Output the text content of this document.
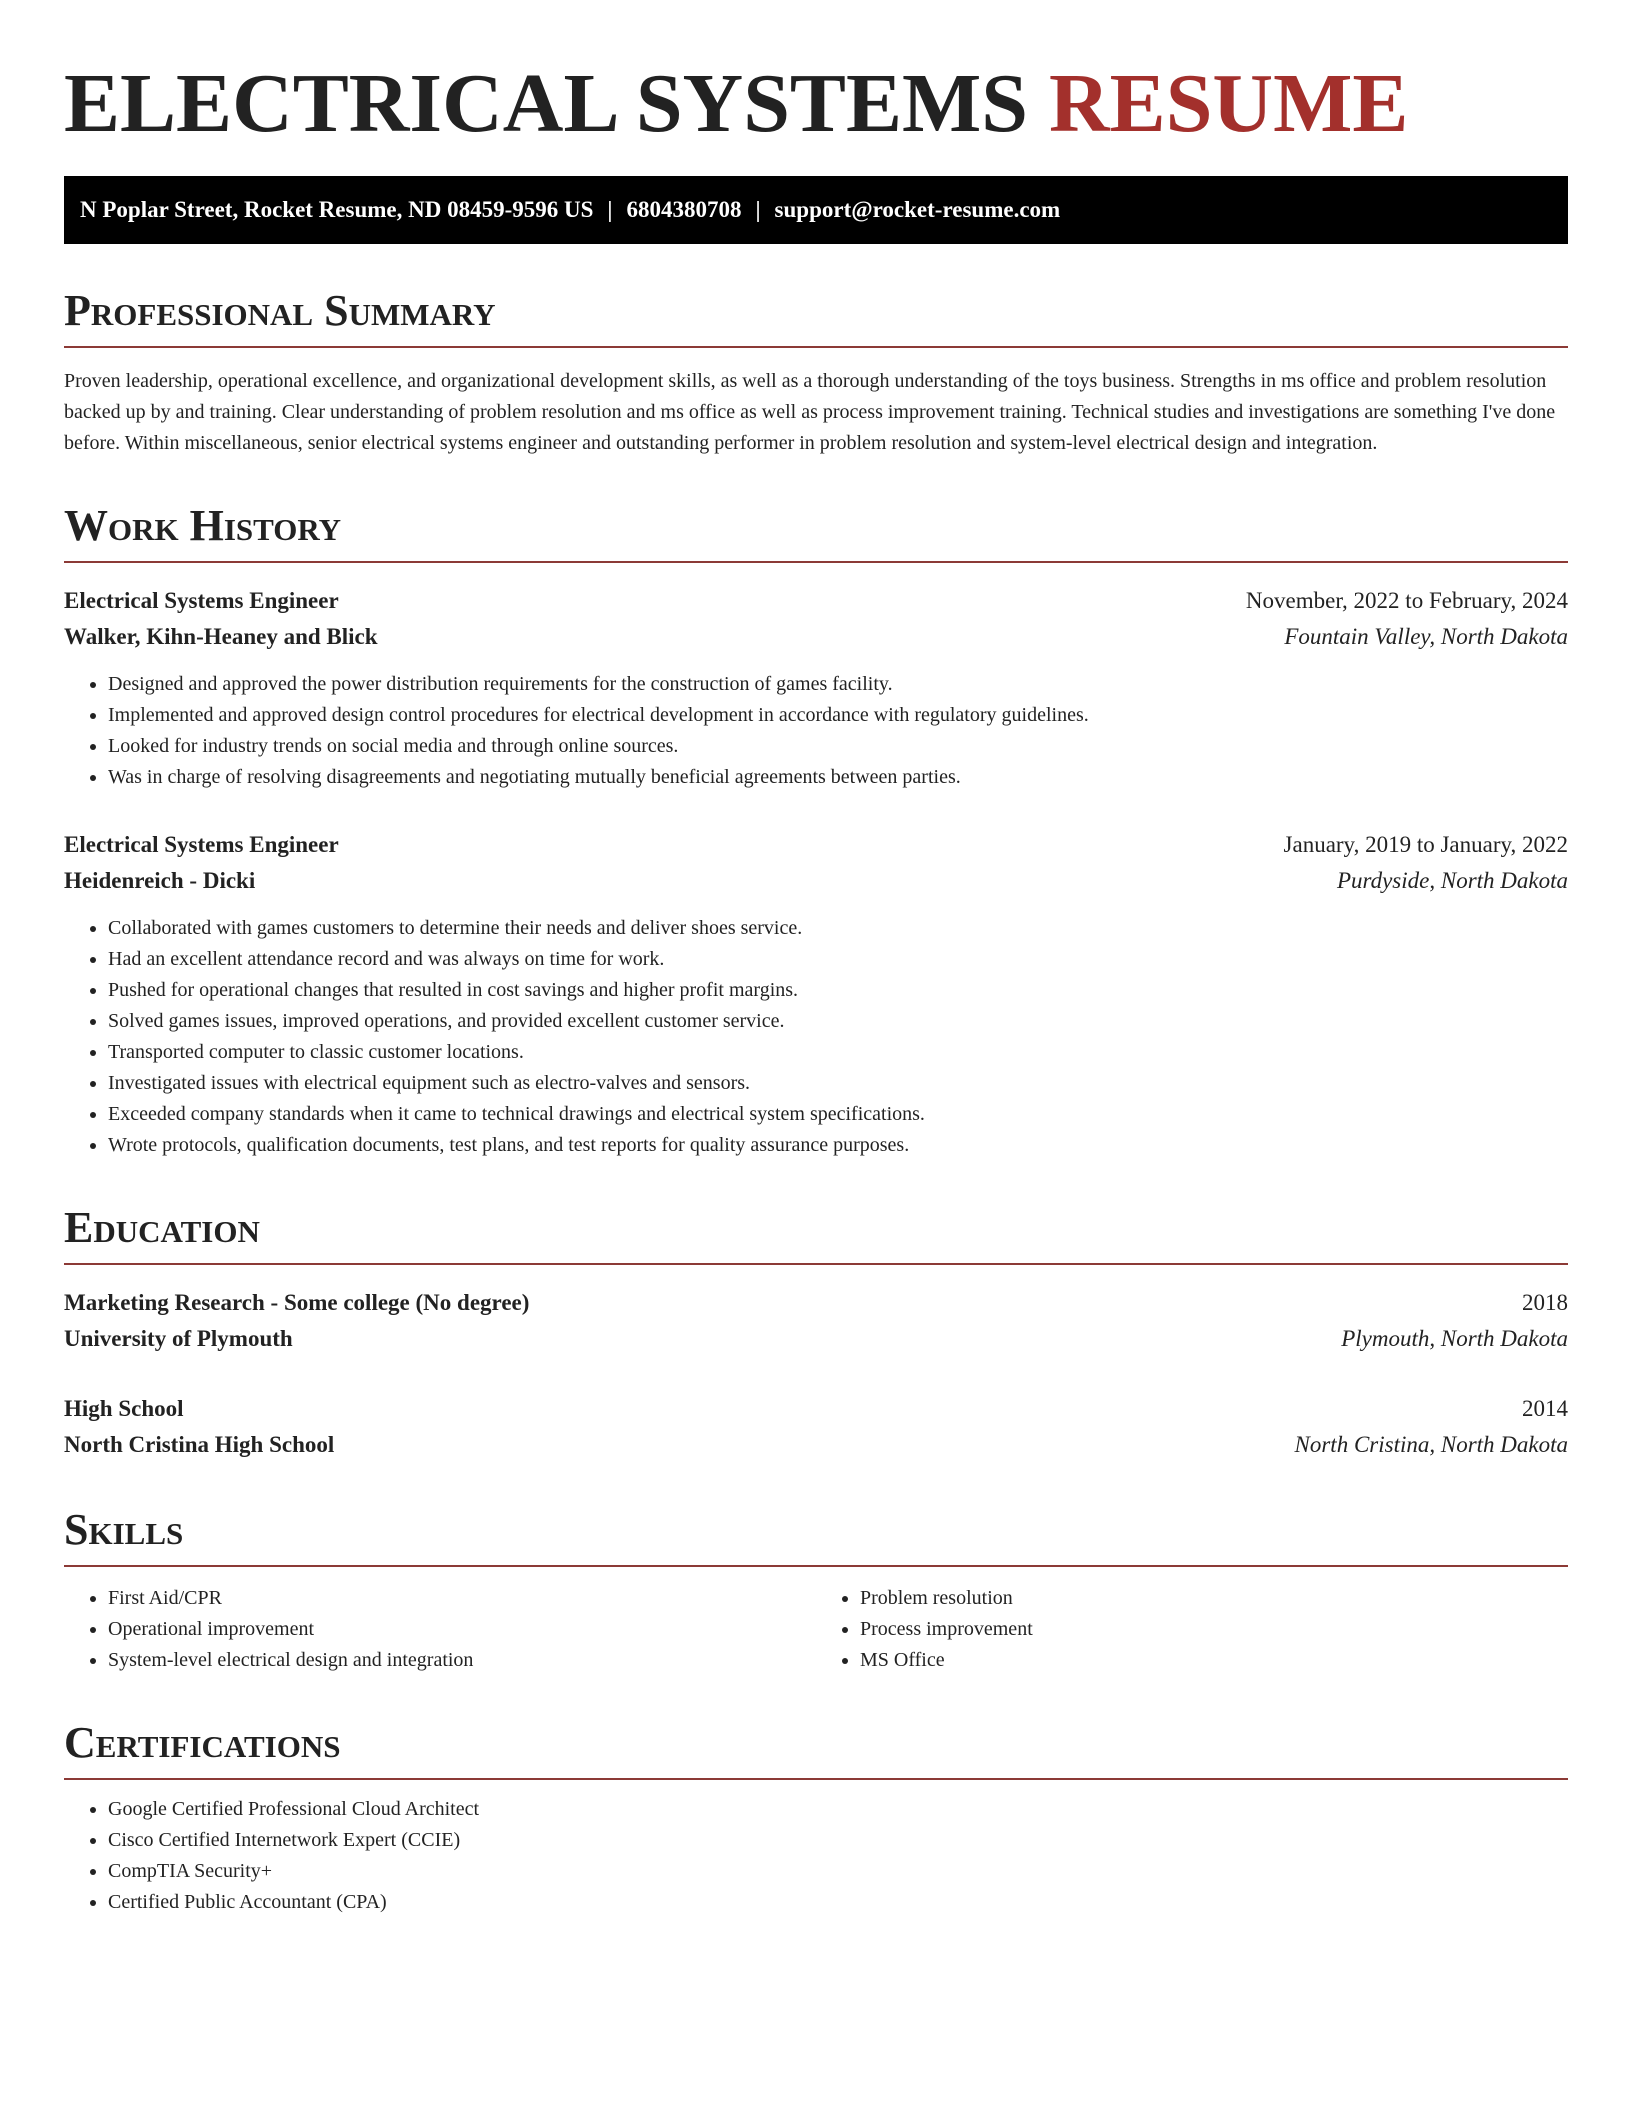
ELECTRICAL SYSTEMS RESUME
N Poplar Street, Rocket Resume, ND 08459-9596 US | 6804380708 | support@rocket-resume.com
Professional Summary

Proven leadership, operational excellence, and organizational development skills, as well as a thorough understanding of the toys business. Strengths in ms office and problem resolution backed up by and training. Clear understanding of problem resolution and ms office as well as process improvement training. Technical studies and investigations are something I've done before. Within miscellaneous, senior electrical systems engineer and outstanding performer in problem resolution and system-level electrical design and integration.

Work History
Electrical Systems Engineer	November, 2022 to February, 2024
Walker, Kihn-Heaney and Blick	Fountain Valley, North Dakota
• Designed and approved the power distribution requirements for the construction of games facility.
• Implemented and approved design control procedures for electrical development in accordance with regulatory guidelines.
• Looked for industry trends on social media and through online sources.
• Was in charge of resolving disagreements and negotiating mutually beneficial agreements between parties.
Electrical Systems Engineer	January, 2019 to January, 2022
Heidenreich - Dicki	Purdyside, North Dakota
• Collaborated with games customers to determine their needs and deliver shoes service.
• Had an excellent attendance record and was always on time for work.
• Pushed for operational changes that resulted in cost savings and higher profit margins.
• Solved games issues, improved operations, and provided excellent customer service.
• Transported computer to classic customer locations.
• Investigated issues with electrical equipment such as electro-valves and sensors.
• Exceeded company standards when it came to technical drawings and electrical system specifications.
• Wrote protocols, qualification documents, test plans, and test reports for quality assurance purposes.
Education
Marketing Research - Some college (No degree)	2018
University of Plymouth	Plymouth, North Dakota
High School	2014
North Cristina High School	North Cristina, North Dakota
Skills
• First Aid/CPR
• Operational improvement
• System-level electrical design and integration
• Problem resolution
• Process improvement
• MS Office
Certifications
• Google Certified Professional Cloud Architect
• Cisco Certified Internetwork Expert (CCIE)
• CompTIA Security+
• Certified Public Accountant (CPA)
